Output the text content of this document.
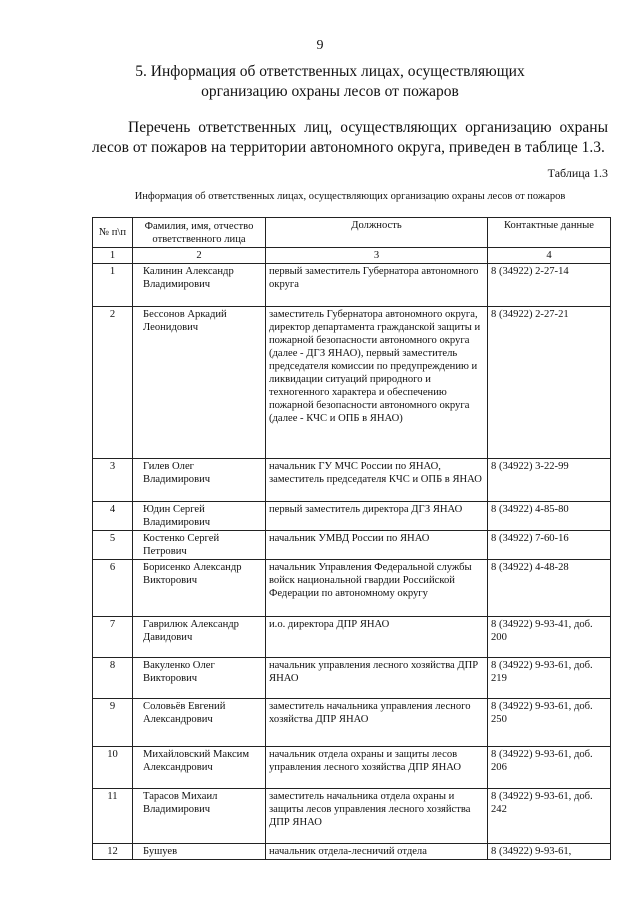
9
5. Информация об ответственных лицах, осуществляющих организацию охраны лесов от пожаров
Перечень ответственных лиц, осуществляющих организацию охраны лесов от пожаров на территории автономного округа, приведен в таблице 1.3.
Таблица 1.3
Информация об ответственных лицах, осуществляющих организацию охраны лесов от пожаров
№ п\п	Фамилия, имя, отчество ответственного лица	Должность	Контактные данные
1	2	3	4
1	Калинин Александр Владимирович	первый заместитель Губернатора автономного округа	8 (34922) 2-27-14
2	Бессонов Аркадий Леонидович	заместитель Губернатора автономного округа, директор департамента гражданской защиты и пожарной безопасности автономного округа (далее - ДГЗ ЯНАО), первый заместитель председателя комиссии по предупреждению и ликвидации ситуаций природного и техногенного характера и обеспечению пожарной безопасности автономного округа (далее - КЧС и ОПБ в ЯНАО)	8 (34922) 2-27-21
3	Гилев Олег Владимирович	начальник ГУ МЧС России по ЯНАО, заместитель председателя КЧС и ОПБ в ЯНАО	8 (34922) 3-22-99
4	Юдин Сергей Владимирович	первый заместитель директора ДГЗ ЯНАО	8 (34922) 4-85-80
5	Костенко Сергей Петрович	начальник УМВД России по ЯНАО	8 (34922) 7-60-16
6	Борисенко Александр Викторович	начальник Управления Федеральной службы войск национальной гвардии Российской Федерации по автономному округу	8 (34922) 4-48-28
7	Гаврилюк Александр Давидович	и.о. директора ДПР ЯНАО	8 (34922) 9-93-41, доб. 200
8	Вакуленко Олег Викторович	начальник управления лесного хозяйства ДПР ЯНАО	8 (34922) 9-93-61, доб. 219
9	Соловьёв Евгений Александрович	заместитель начальника управления лесного хозяйства ДПР ЯНАО	8 (34922) 9-93-61, доб. 250
10	Михайловский Максим Александрович	начальник отдела охраны и защиты лесов управления лесного хозяйства ДПР ЯНАО	8 (34922) 9-93-61, доб. 206
11	Тарасов Михаил Владимирович	заместитель начальника отдела охраны и защиты лесов управления лесного хозяйства ДПР ЯНАО	8 (34922) 9-93-61, доб. 242
12	Бушуев	начальник отдела-лесничий отдела	8 (34922) 9-93-61,
